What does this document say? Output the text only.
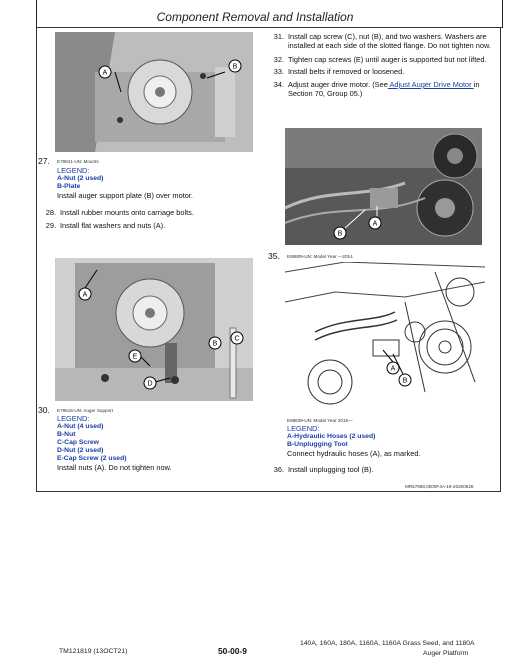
Component Removal and Installation
A
B
27. E79841-UN: Mounts
LEGEND:
A-Nut (2 used)
B-Plate
Install auger support plate (B) over motor.
28. Install rubber mounts onto carriage bolts.
29. Install flat washers and nuts (A).
A
B
C
D
E
30. E79515-UN: Auger Support
LEGEND:
A-Nut (4 used)
B-Nut
C-Cap Screw
D-Nut (2 used)
E-Cap Screw (2 used)
Install nuts (A). Do not tighten now.
31. Install cap screw (C), nut (B), and two washers. Washers are
installed at each side of the slotted flange. Do not tighten now.
32. Tighten cap screws (E) until auger is supported but not lifted.
33. Install belts if removed or loosened.
34. Adjust auger drive motor. (See Adjust Auger Drive Motor in
Section 70, Group 05.)
B
A
35. E88809-UN: Model Year —2014
A
B
E88839-UN: Model Year 2015—
LEGEND:
A-Hydraulic Hoses (2 used)
B-Unplugging Tool
Connect hydraulic hoses (A), as marked.
36. Install unplugging tool (B).
MR57968,0000F4A-19-20200528
TM121819 (13OCT21)	50-00-9
140A, 160A, 180A, 1160A, 1160A Grass Seed, and 1180A
Auger Platform
